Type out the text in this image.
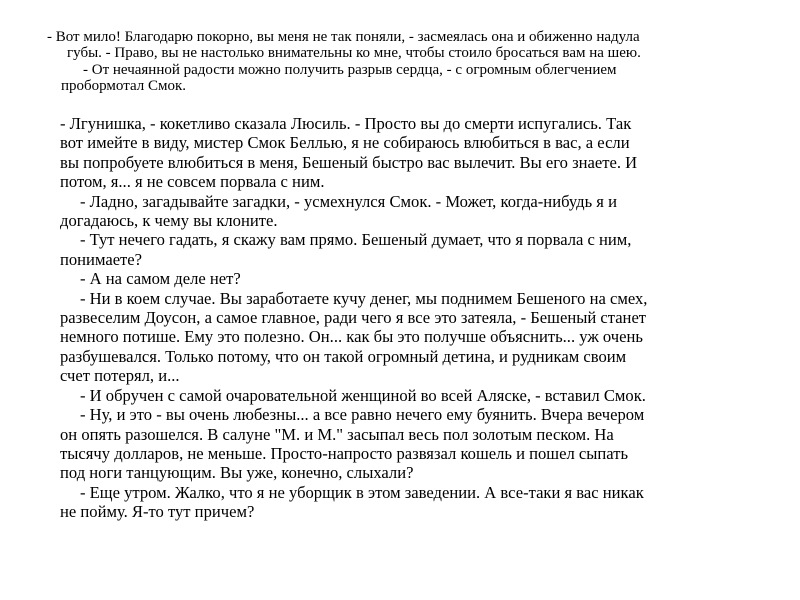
- Вот мило! Благодарю покорно, вы меня не так поняли, - засмеялась она и обиженно надула
губы. - Право, вы не настолько внимательны ко мне, чтобы стоило бросаться вам на шею.
- От нечаянной радости можно получить разрыв сердца, - с огромным облегчением
пробормотал Смок.
- Лгунишка, - кокетливо сказала Люсиль. - Просто вы до смерти испугались. Так
вот имейте в виду, мистер Смок Беллью, я не собираюсь влюбиться в вас, а если
вы попробуете влюбиться в меня, Бешеный быстро вас вылечит. Вы его знаете. И
потом, я... я не совсем порвала с ним.
- Ладно, загадывайте загадки, - усмехнулся Смок. - Может, когда-нибудь я и
догадаюсь, к чему вы клоните.
- Тут нечего гадать, я скажу вам прямо. Бешеный думает, что я порвала с ним,
понимаете?
- А на самом деле нет?
- Ни в коем случае. Вы заработаете кучу денег, мы поднимем Бешеного на смех,
развеселим Доусон, а самое главное, ради чего я все это затеяла, - Бешеный станет
немного потише. Ему это полезно. Он... как бы это получше объяснить... уж очень
разбушевался. Только потому, что он такой огромный детина, и рудникам своим
счет потерял, и...
- И обручен с самой очаровательной женщиной во всей Аляске, - вставил Смок.
- Ну, и это - вы очень любезны... а все равно нечего ему буянить. Вчера вечером
он опять разошелся. В салуне "М. и М." засыпал весь пол золотым песком. На
тысячу долларов, не меньше. Просто-напросто развязал кошель и пошел сыпать
под ноги танцующим. Вы уже, конечно, слыхали?
- Еще утром. Жалко, что я не уборщик в этом заведении. А все-таки я вас никак
не пойму. Я-то тут причем?
